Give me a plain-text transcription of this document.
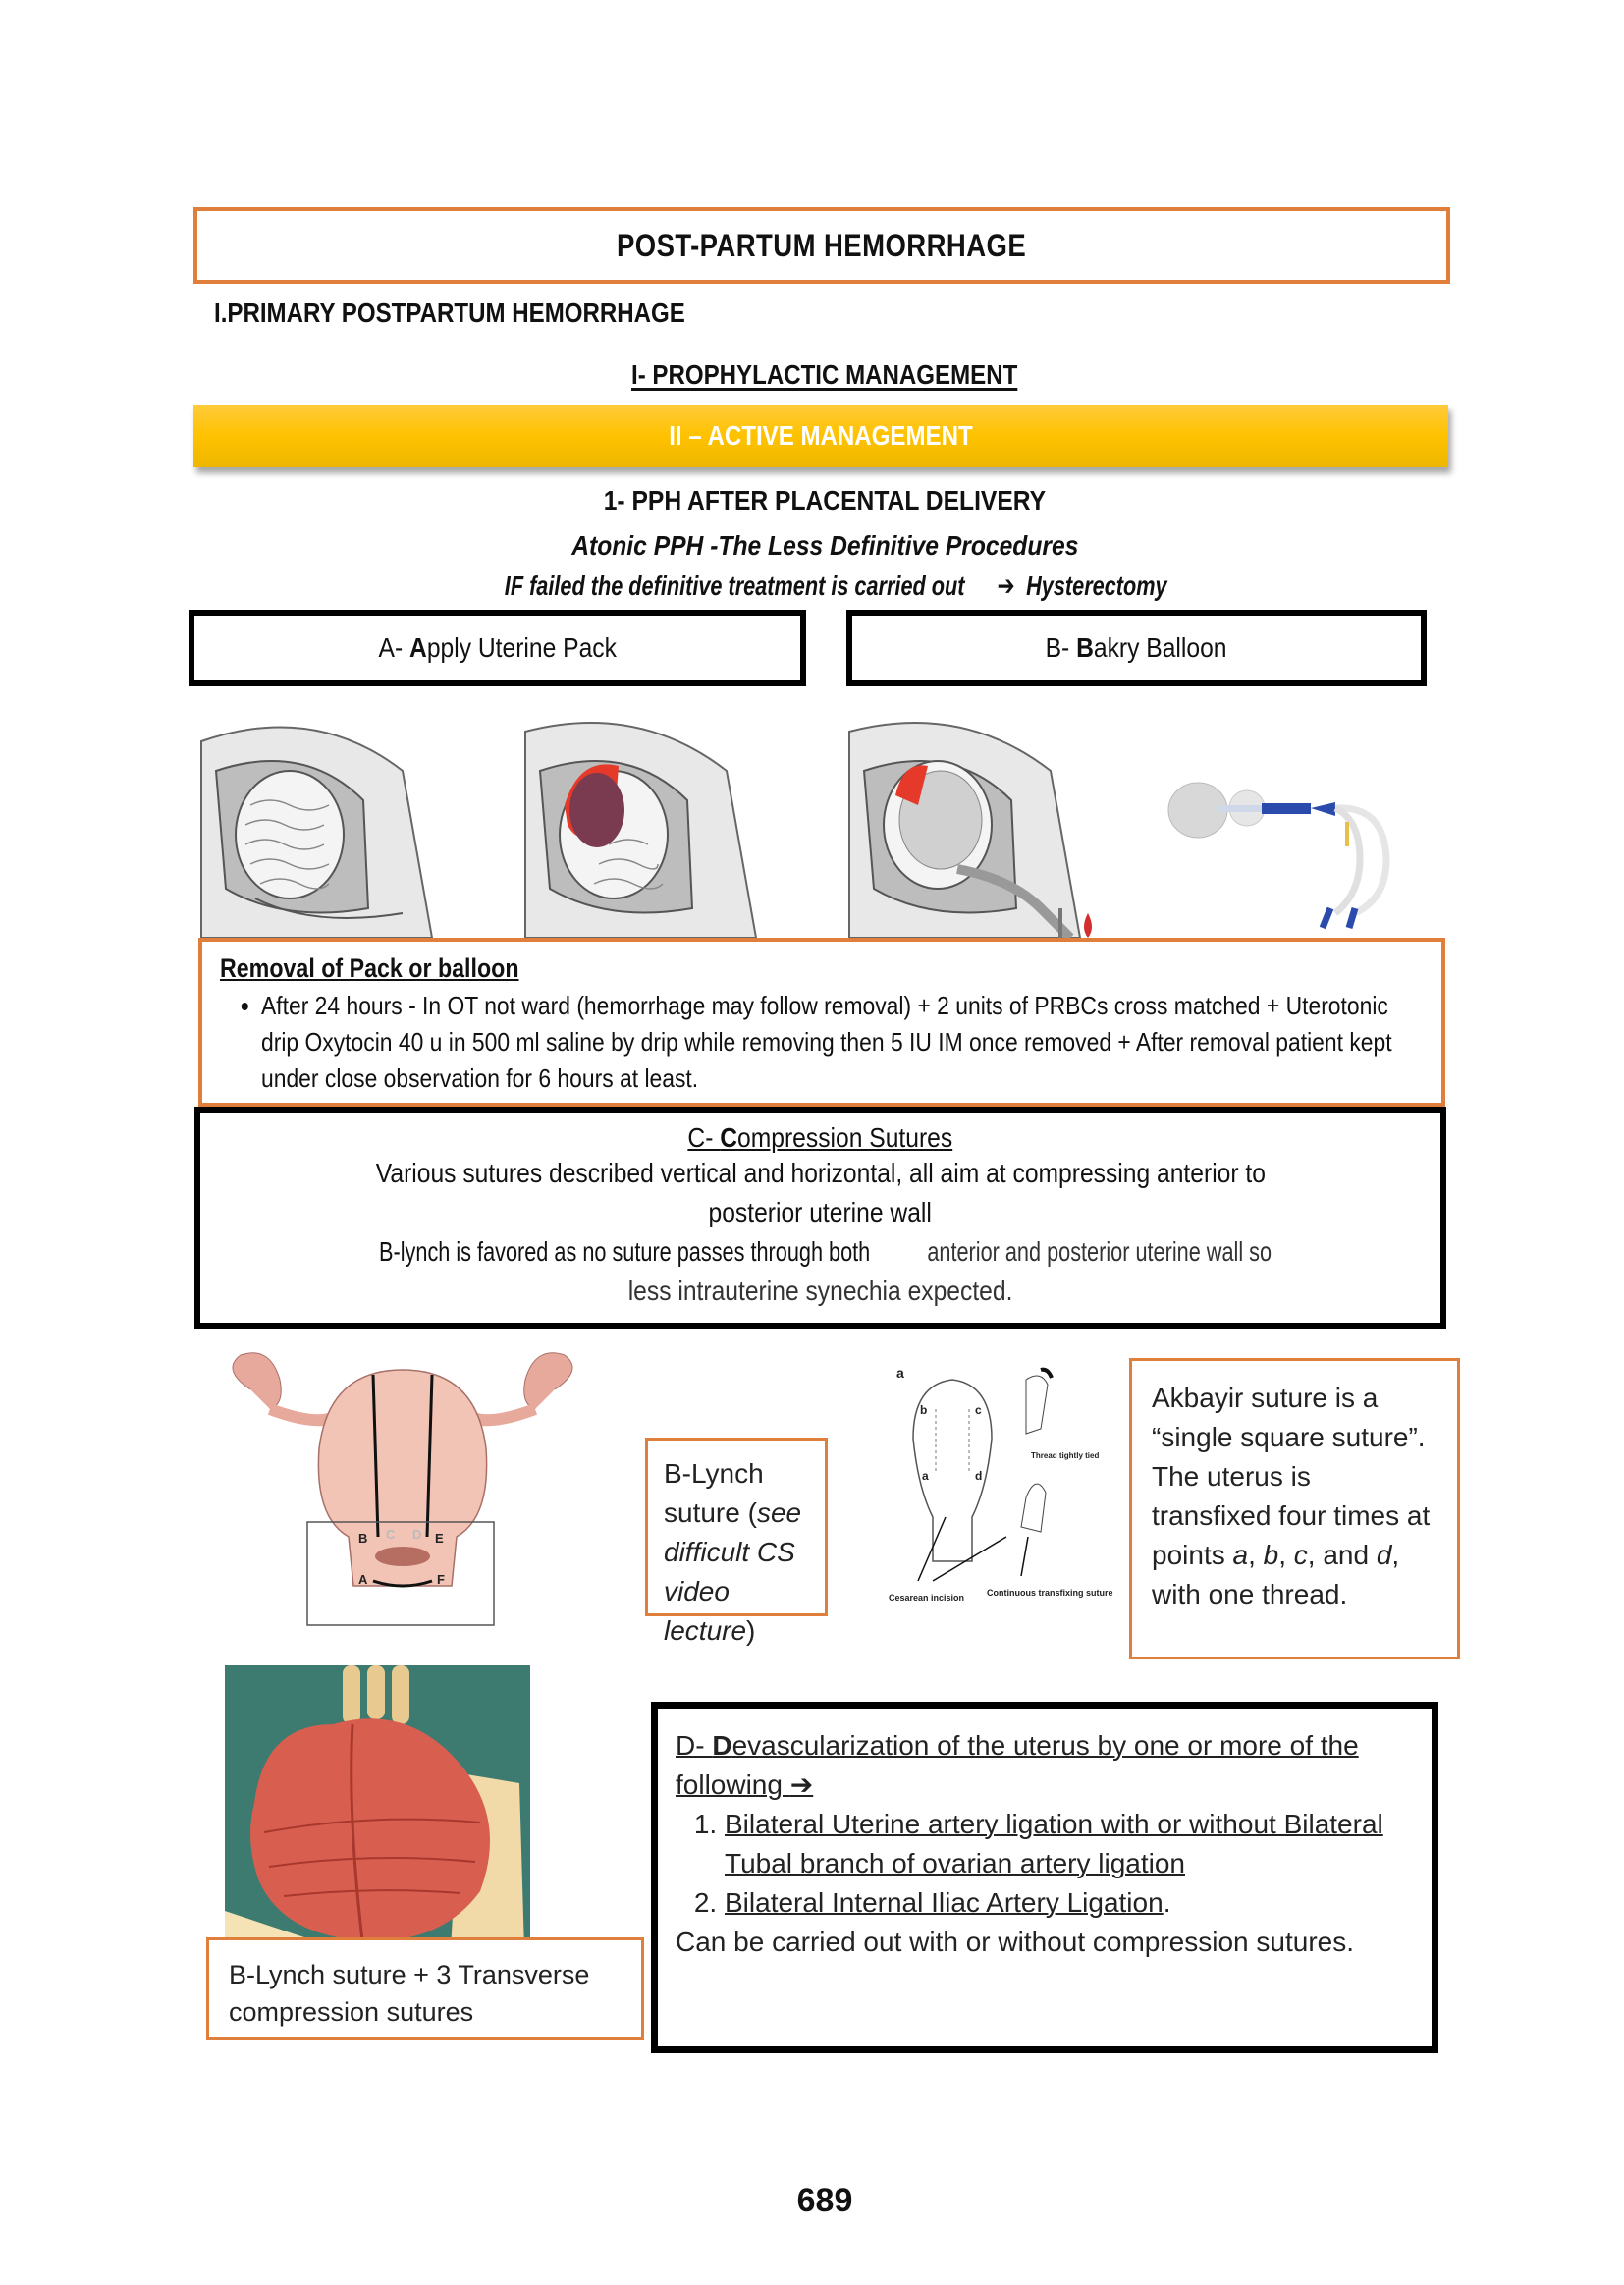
POST-PARTUM HEMORRHAGE
I.PRIMARY POSTPARTUM HEMORRHAGE
I- PROPHYLACTIC MANAGEMENT
II – ACTIVE MANAGEMENT
1- PPH AFTER PLACENTAL DELIVERY
Atonic PPH -The Less Definitive Procedures
IF failed the definitive treatment is carried out➔ Hysterectomy
A- Apply Uterine Pack	B- Bakry Balloon
Removal of Pack or balloon
• After 24 hours - In OT not ward (hemorrhage may follow removal) + 2 units of PRBCs cross matched + Uterotonic drip Oxytocin 40 u in 500 ml saline by drip while removing then 5 IU IM once removed + After removal patient kept under close observation for 6 hours at least.
C- Compression Sutures

Various sutures described vertical and horizontal, all aim at compressing anterior to

posterior uterine wall

B-lynch is favored as no suture passes through bothanterior and posterior uterine wall so

less intrauterine synechia expected.

B C D E
A	F
B-Lynch suture (see difficult CS video lecture)
a
b	c
a	d
Thread tightly tied
Cesarean incision	Continuous transfixing suture
Akbayir suture is a “single square suture”. The uterus is transfixed four times at points a, b, c, and d, with one thread.
B-Lynch suture + 3 Transverse compression sutures

D- Devascularization of the uterus by one or more of the following ➔

1. Bilateral Uterine artery ligation with or without Bilateral Tubal branch of ovarian artery ligation
2. Bilateral Internal Iliac Artery Ligation.

Can be carried out with or without compression sutures.

689
